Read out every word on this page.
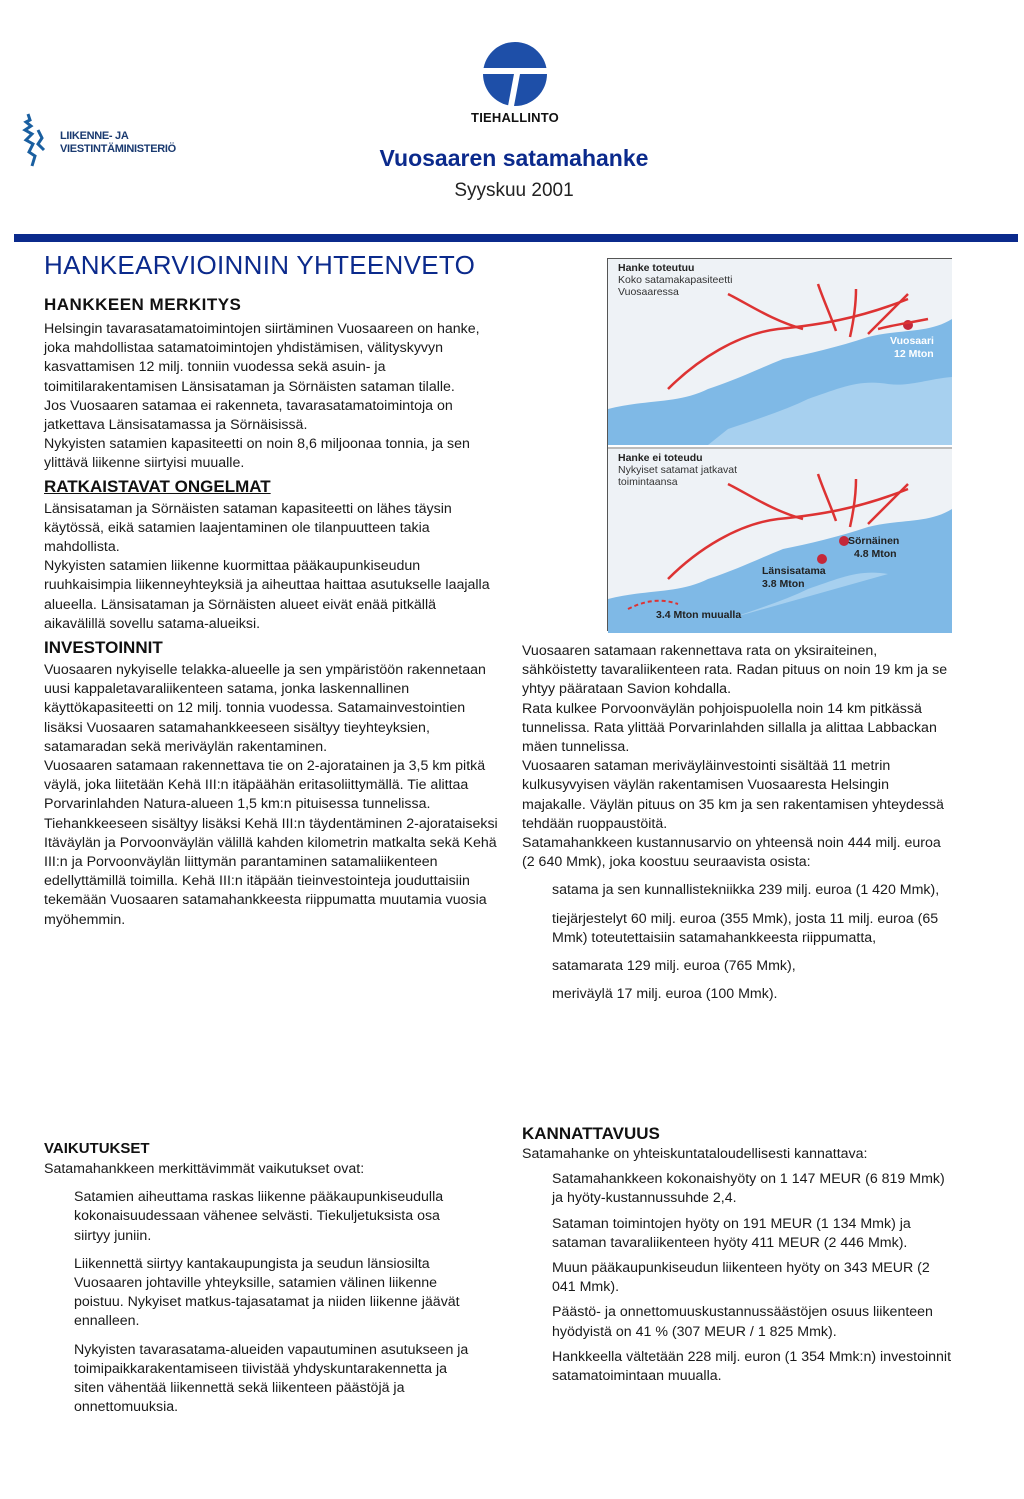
LIIKENNE- JA VIESTINTÄMINISTERIÖ
TIEHALLINTO
Vuosaaren satamahanke
Syyskuu 2001
HANKEARVIOINNIN YHTEENVETO
HANKKEEN MERKITYS

Helsingin tavarasatamatoimintojen siirtäminen Vuosaareen on hanke, joka mahdollistaa satamatoimintojen yhdistämisen, välityskyvyn kasvattamisen 12 milj. tonniin vuodessa sekä asuin- ja toimitilarakentamisen Länsisataman ja Sörnäisten sataman tilalle.

Jos Vuosaaren satamaa ei rakenneta, tavarasatamatoimintoja on jatkettava Länsisatamassa ja Sörnäisissä.

Nykyisten satamien kapasiteetti on noin 8,6 miljoonaa tonnia, ja sen ylittävä liikenne siirtyisi muualle.

RATKAISTAVAT ONGELMAT

Länsisataman ja Sörnäisten sataman kapasiteetti on lähes täysin käytössä, eikä satamien laajentaminen ole tilanpuutteen takia mahdollista.

Nykyisten satamien liikenne kuormittaa pääkaupunkiseudun ruuhkaisimpia liikenneyhteyksiä ja aiheuttaa haittaa asutukselle laajalla alueella. Länsisataman ja Sörnäisten alueet eivät enää pitkällä aikavälillä sovellu satama-alueiksi.

INVESTOINNIT

Vuosaaren nykyiselle telakka-alueelle ja sen ympäristöön rakennetaan uusi kappaletavaraliikenteen satama, jonka laskennallinen käyttökapasiteetti on 12 milj. tonnia vuodessa. Satamainvestointien lisäksi Vuosaaren satamahankkeeseen sisältyy tieyhteyksien, satamaradan sekä meriväylän rakentaminen.

Vuosaaren satamaan rakennettava tie on 2-ajoratainen ja 3,5 km pitkä väylä, joka liitetään Kehä III:n itäpäähän eritasoliittymällä. Tie alittaa Porvarinlahden Natura-alueen 1,5 km:n pituisessa tunnelissa. Tiehankkeeseen sisältyy lisäksi Kehä III:n täydentäminen 2-ajorataiseksi Itäväylän ja Porvoonväylän välillä kahden kilometrin matkalta sekä Kehä III:n ja Porvoonväylän liittymän parantaminen satamaliikenteen edellyttämillä toimilla. Kehä III:n itäpään tieinvestointeja jouduttaisiin tekemään Vuosaaren satamahankkeesta riippumatta muutamia vuosia myöhemmin.

VAIKUTUKSET

Satamahankkeen merkittävimmät vaikutukset ovat:

Satamien aiheuttama raskas liikenne pääkaupunkiseudulla kokonaisuudessaan vähenee selvästi. Tiekuljetuksista osa siirtyy juniin.

Liikennettä siirtyy kantakaupungista ja seudun länsiosilta Vuosaaren johtaville yhteyksille, satamien välinen liikenne poistuu. Nykyiset matkus-tajasatamat ja niiden liikenne jäävät ennalleen.

Nykyisten tavarasatama-alueiden vapautuminen asutukseen ja toimipaikkarakentamiseen tiivistää yhdyskuntarakennetta ja siten vähentää liikennettä sekä liikenteen päästöjä ja onnettomuuksia.

Hanke toteutuu
Koko satamakapasiteetti
Vuosaaressa
Vuosaari
12 Mton
Hanke ei toteudu
Nykyiset satamat jatkavat
toimintaansa
Sörnäinen
4.8 Mton
Länsisatama
3.8 Mton
3.4 Mton muualla

Vuosaaren satamaan rakennettava rata on yksiraiteinen, sähköistetty tavaraliikenteen rata. Radan pituus on noin 19 km ja se yhtyy päärataan Savion kohdalla.

Rata kulkee Porvoonväylän pohjoispuolella noin 14 km pitkässä tunnelissa. Rata ylittää Porvarinlahden sillalla ja alittaa Labbackan mäen tunnelissa.

Vuosaaren sataman meriväyläinvestointi sisältää 11 metrin kulkusyvyisen väylän rakentamisen Vuosaaresta Helsingin majakalle. Väylän pituus on 35 km ja sen rakentamisen yhteydessä tehdään ruoppaustöitä.

Satamahankkeen kustannusarvio on yhteensä noin 444 milj. euroa (2 640 Mmk), joka koostuu seuraavista osista:

satama ja sen kunnallistekniikka 239 milj. euroa (1 420 Mmk),

tiejärjestelyt 60 milj. euroa (355 Mmk), josta 11 milj. euroa (65 Mmk) toteutettaisiin satamahankkeesta riippumatta,

satamarata 129 milj. euroa (765 Mmk),

meriväylä 17 milj. euroa (100 Mmk).

KANNATTAVUUS

Satamahanke on yhteiskuntataloudellisesti kannattava:

Satamahankkeen kokonaishyöty on 1 147 MEUR (6 819 Mmk) ja hyöty-kustannussuhde 2,4.

Sataman toimintojen hyöty on 191 MEUR (1 134 Mmk) ja sataman tavaraliikenteen hyöty 411 MEUR (2 446 Mmk).

Muun pääkaupunkiseudun liikenteen hyöty on 343 MEUR (2 041 Mmk).

Päästö- ja onnettomuuskustannussäästöjen osuus liikenteen hyödyistä on 41 % (307 MEUR / 1 825 Mmk).

Hankkeella vältetään 228 milj. euron (1 354 Mmk:n) investoinnit satamatoimintaan muualla.
